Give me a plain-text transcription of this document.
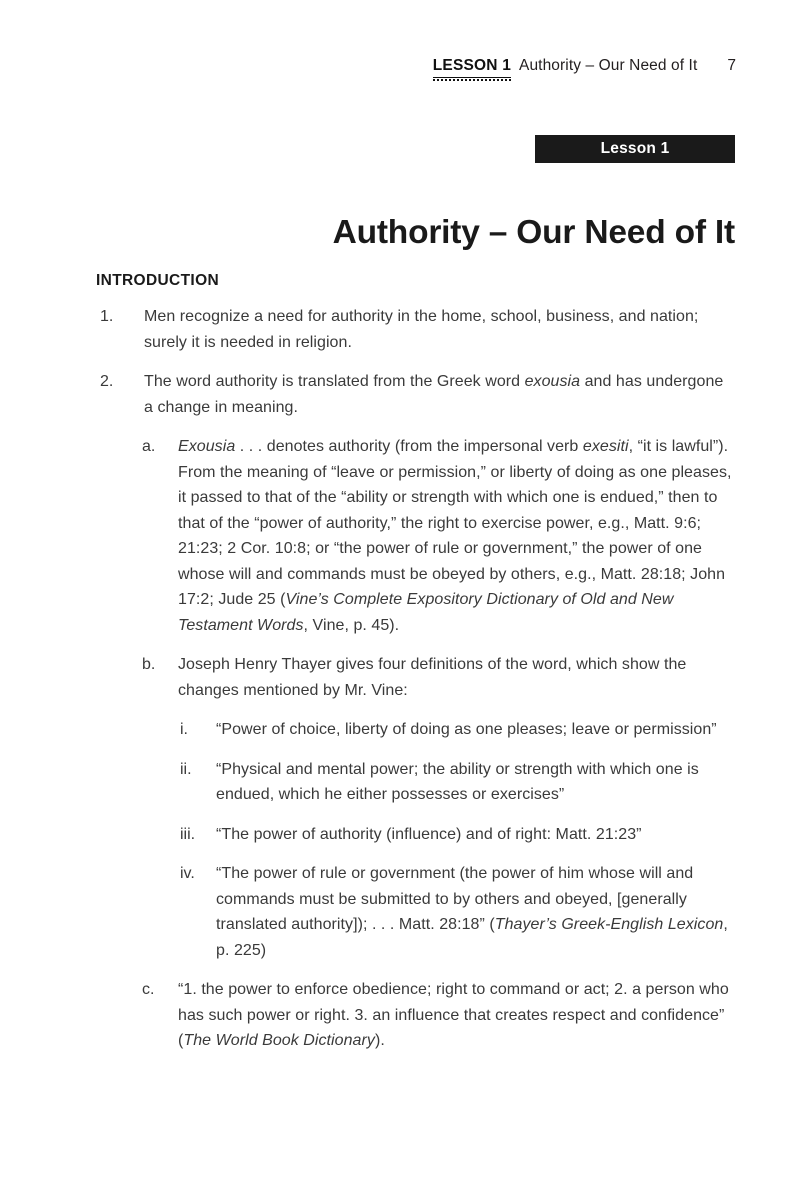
LESSON 1 Authority – Our Need of It 7
Lesson 1
Authority – Our Need of It
INTRODUCTION
1.	Men recognize a need for authority in the home, school, business, and nation; surely it is needed in religion.
2.	The word authority is translated from the Greek word exousia and has undergone a change in meaning.
a.	Exousia . . . denotes authority (from the impersonal verb exesiti, “it is lawful”). From the meaning of “leave or permission,” or liberty of doing as one pleases, it passed to that of the “ability or strength with which one is endued,” then to that of the “power of authority,” the right to exercise power, e.g., Matt. 9:6; 21:23; 2 Cor. 10:8; or “the power of rule or government,” the power of one whose will and commands must be obeyed by others, e.g., Matt. 28:18; John 17:2; Jude 25 (Vine’s Complete Expository Dictionary of Old and New Testament Words, Vine, p. 45).
b.	Joseph Henry Thayer gives four definitions of the word, which show the changes mentioned by Mr. Vine:
i.	“Power of choice, liberty of doing as one pleases; leave or permission”
ii.	“Physical and mental power; the ability or strength with which one is endued, which he either possesses or exercises”
iii.	“The power of authority (influence) and of right: Matt. 21:23”
iv.	“The power of rule or government (the power of him whose will and commands must be submitted to by others and obeyed, [generally translated authority]); . . . Matt. 28:18” (Thayer’s Greek-English Lexicon, p. 225)
c.	“1. the power to enforce obedience; right to command or act; 2. a person who has such power or right. 3. an influence that creates respect and confidence” (The World Book Dictionary).
